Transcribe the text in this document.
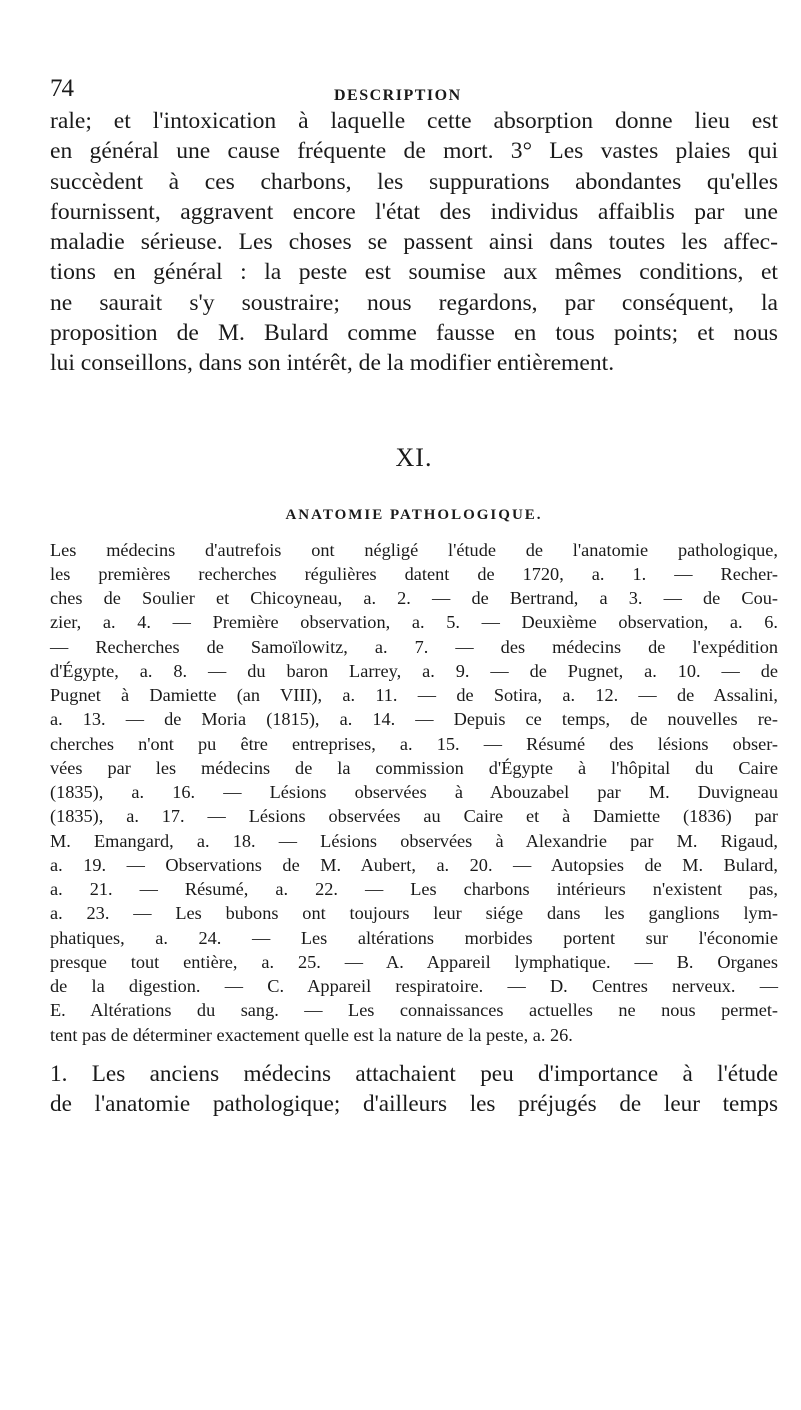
74	DESCRIPTION
rale; et l'intoxication à laquelle cette absorption donne lieu est
en général une cause fréquente de mort. 3° Les vastes plaies qui
succèdent à ces charbons, les suppurations abondantes qu'elles
fournissent, aggravent encore l'état des individus affaiblis par une
maladie sérieuse. Les choses se passent ainsi dans toutes les affec-
tions en général : la peste est soumise aux mêmes conditions, et
ne saurait s'y soustraire; nous regardons, par conséquent, la
proposition de M. Bulard comme fausse en tous points; et nous
lui conseillons, dans son intérêt, de la modifier entièrement.
XI.
ANATOMIE PATHOLOGIQUE.
Les médecins d'autrefois ont négligé l'étude de l'anatomie pathologique,
les premières recherches régulières datent de 1720, a. 1. — Recher-
ches de Soulier et Chicoyneau, a. 2. — de Bertrand, a 3. — de Cou-
zier, a. 4. — Première observation, a. 5. — Deuxième observation, a. 6.
— Recherches de Samoïlowitz, a. 7. — des médecins de l'expédition
d'Égypte, a. 8. — du baron Larrey, a. 9. — de Pugnet, a. 10. — de
Pugnet à Damiette (an VIII), a. 11. — de Sotira, a. 12. — de Assalini,
a. 13. — de Moria (1815), a. 14. — Depuis ce temps, de nouvelles re-
cherches n'ont pu être entreprises, a. 15. — Résumé des lésions obser-
vées par les médecins de la commission d'Égypte à l'hôpital du Caire
(1835), a. 16. — Lésions observées à Abouzabel par M. Duvigneau
(1835), a. 17. — Lésions observées au Caire et à Damiette (1836) par
M. Emangard, a. 18. — Lésions observées à Alexandrie par M. Rigaud,
a. 19. — Observations de M. Aubert, a. 20. — Autopsies de M. Bulard,
a. 21. — Résumé, a. 22. — Les charbons intérieurs n'existent pas,
a. 23. — Les bubons ont toujours leur siége dans les ganglions lym-
phatiques, a. 24. — Les altérations morbides portent sur l'économie
presque tout entière, a. 25. — A. Appareil lymphatique. — B. Organes
de la digestion. — C. Appareil respiratoire. — D. Centres nerveux. —
E. Altérations du sang. — Les connaissances actuelles ne nous permet-
tent pas de déterminer exactement quelle est la nature de la peste, a. 26.
1. Les anciens médecins attachaient peu d'importance à l'étude
de l'anatomie pathologique; d'ailleurs les préjugés de leur temps
